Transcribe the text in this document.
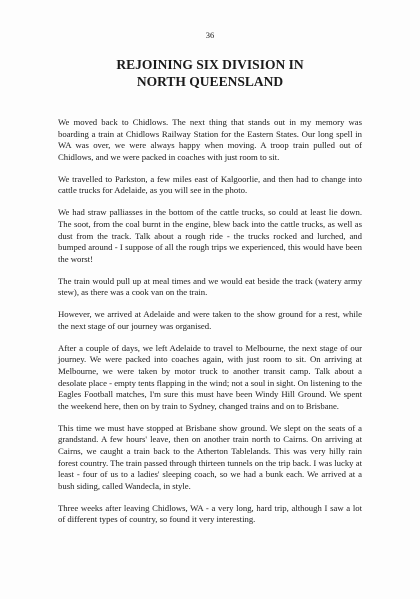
36
REJOINING SIX DIVISION IN
NORTH QUEENSLAND

We moved back to Chidlows. The next thing that stands out in my memory was boarding a train at Chidlows Railway Station for the Eastern States. Our long spell in WA was over, we were always happy when moving. A troop train pulled out of Chidlows, and we were packed in coaches with just room to sit.

We travelled to Parkston, a few miles east of Kalgoorlie, and then had to change into cattle trucks for Adelaide, as you will see in the photo.

We had straw palliasses in the bottom of the cattle trucks, so could at least lie down. The soot, from the coal burnt in the engine, blew back into the cattle trucks, as well as dust from the track. Talk about a rough ride - the trucks rocked and lurched, and bumped around - I suppose of all the rough trips we experienced, this would have been the worst!

The train would pull up at meal times and we would eat beside the track (watery army stew), as there was a cook van on the train.

However, we arrived at Adelaide and were taken to the show ground for a rest, while the next stage of our journey was organised.

After a couple of days, we left Adelaide to travel to Melbourne, the next stage of our journey. We were packed into coaches again, with just room to sit. On arriving at Melbourne, we were taken by motor truck to another transit camp. Talk about a desolate place - empty tents flapping in the wind; not a soul in sight. On listening to the Eagles Football matches, I'm sure this must have been Windy Hill Ground. We spent the weekend here, then on by train to Sydney, changed trains and on to Brisbane.

This time we must have stopped at Brisbane show ground. We slept on the seats of a grandstand. A few hours' leave, then on another train north to Cairns. On arriving at Cairns, we caught a train back to the Atherton Tablelands. This was very hilly rain forest country. The train passed through thirteen tunnels on the trip back. I was lucky at least - four of us to a ladies' sleeping coach, so we had a bunk each. We arrived at a bush siding, called Wandecla, in style.

Three weeks after leaving Chidlows, WA - a very long, hard trip, although I saw a lot of different types of country, so found it very interesting.
